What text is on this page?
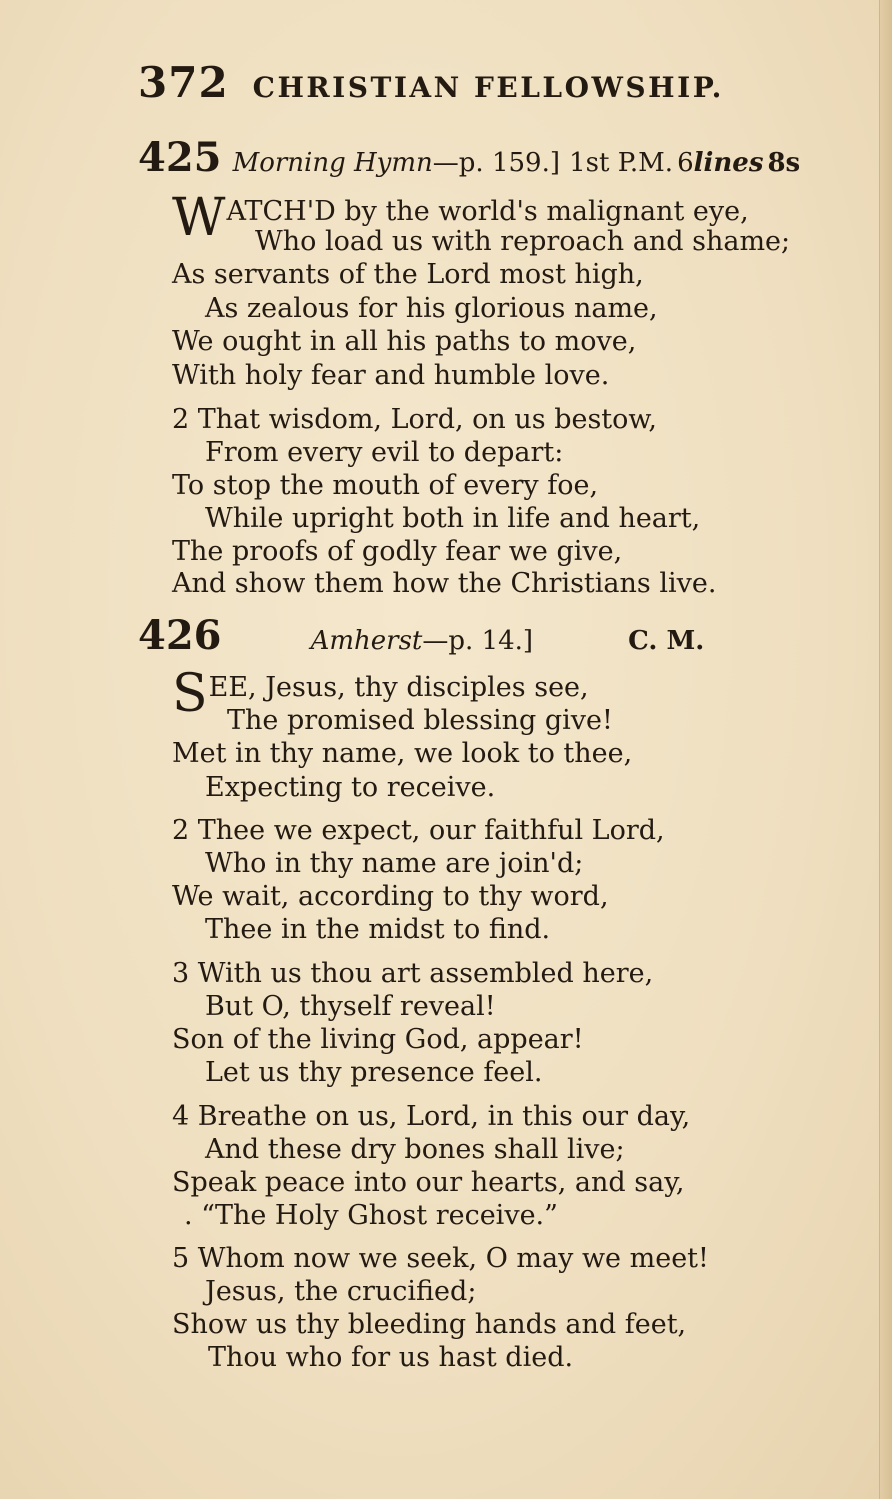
372 CHRISTIAN FELLOWSHIP.
425 Morning Hymn—p. 159.] 1st P.M. 6lines 8s
WATCH'D by the world's malignant eye,
Who load us with reproach and shame;
As servants of the Lord most high,
As zealous for his glorious name,
We ought in all his paths to move,
With holy fear and humble love.
2 That wisdom, Lord, on us bestow,
From every evil to depart:
To stop the mouth of every foe,
While upright both in life and heart,
The proofs of godly fear we give,
And show them how the Christians live.
426	Amherst—p. 14.]	C. M.
SEE, Jesus, thy disciples see,
The promised blessing give!
Met in thy name, we look to thee,
Expecting to receive.
2 Thee we expect, our faithful Lord,
Who in thy name are join'd;
We wait, according to thy word,
Thee in the midst to find.
3 With us thou art assembled here,
But O, thyself reveal!
Son of the living God, appear!
Let us thy presence feel.
4 Breathe on us, Lord, in this our day,
And these dry bones shall live;
Speak peace into our hearts, and say,
. “The Holy Ghost receive.”
5 Whom now we seek, O may we meet!
Jesus, the crucified;
Show us thy bleeding hands and feet,
Thou who for us hast died.
